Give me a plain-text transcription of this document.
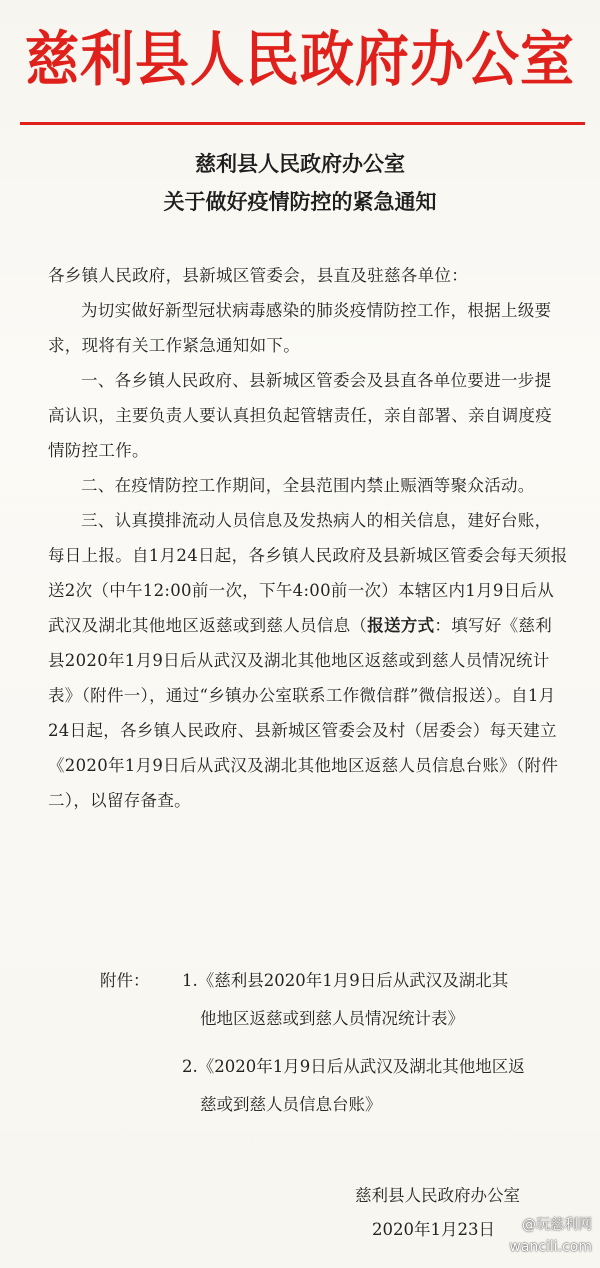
慈利县人民政府办公室
慈利县人民政府办公室
关于做好疫情防控的紧急通知

各乡镇人民政府，县新城区管委会，县直及驻慈各单位：

为切实做好新型冠状病毒感染的肺炎疫情防控工作，根据上级要求，现将有关工作紧急通知如下。

一、各乡镇人民政府、县新城区管委会及县直各单位要进一步提高认识，主要负责人要认真担负起管辖责任，亲自部署、亲自调度疫情防控工作。

二、在疫情防控工作期间，全县范围内禁止赈酒等聚众活动。

三、认真摸排流动人员信息及发热病人的相关信息，建好台账，每日上报。自1月24日起，各乡镇人民政府及县新城区管委会每天须报送2次（中午12:00前一次，下午4:00前一次）本辖区内1月9日后从武汉及湖北其他地区返慈或到慈人员信息（报送方式：填写好《慈利县2020年1月9日后从武汉及湖北其他地区返慈或到慈人员情况统计表》（附件一），通过“乡镇办公室联系工作微信群”微信报送）。自1月24日起，各乡镇人民政府、县新城区管委会及村（居委会）每天建立《2020年1月9日后从武汉及湖北其他地区返慈人员信息台账》（附件二），以留存备查。

附件：	1.《慈利县2020年1月9日后从武汉及湖北其
他地区返慈或到慈人员情况统计表》
2.《2020年1月9日后从武汉及湖北其他地区返
慈或到慈人员信息台账》
慈利县人民政府办公室
2020年1月23日	@玩慈利网
wancili.com
